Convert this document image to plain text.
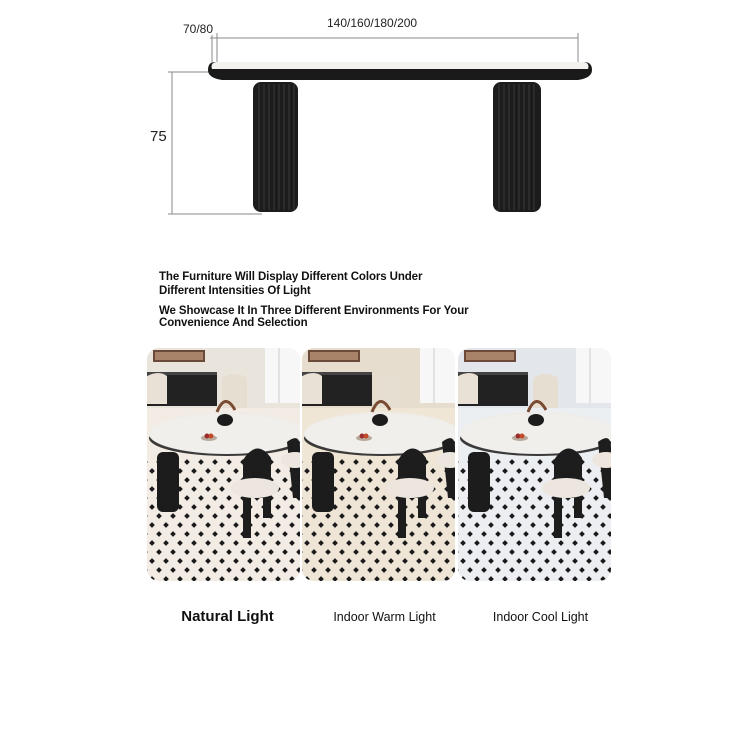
140/160/180/200
70/80
75
The Furniture Will Display Different Colors Under
Different Intensities Of Light
We Showcase It In Three Different Environments For Your
Convenience And Selection
Natural Light	Indoor Warm Light	Indoor Cool Light
